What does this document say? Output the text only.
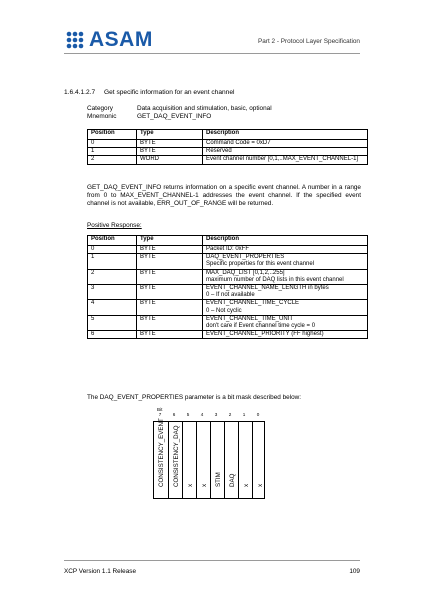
ASAM	Part 2 - Protocol Layer Specification
1.6.4.1.2.7 Get specific information for an event channel
Category	Data acquisition and stimulation, basic, optional
Mnemonic	GET_DAQ_EVENT_INFO
Position	Type	Description
0	BYTE	Command Code = 0xD7
1	BYTE	Reserved
2	WORD	Event channel number [0,1,..MAX_EVENT_CHANNEL-1]
GET_DAQ_EVENT_INFO returns information on a specific event channel. A number in a range from 0 to MAX_EVENT_CHANNEL-1 addresses the event channel. If the specified event channel is not available, ERR_OUT_OF_RANGE will be returned.
Positive Response:
Position	Type	Description
0	BYTE	Packet ID: 0xFF
1	BYTE	DAQ_EVENT_PROPERTIES
Specific properties for this event channel

2	BYTE	MAX_DAQ_LIST [0,1,2,..255]
maximum number of DAQ lists in this event channel

3	BYTE	EVENT_CHANNEL_NAME_LENGTH in bytes
0 – If not available

4	BYTE	EVENT_CHANNEL_TIME_CYCLE
0 – Not cyclic

5	BYTE	EVENT_CHANNEL_TIME_UNIT
don't care if Event channel time cycle = 0

6	BYTE	EVENT_CHANNEL_PRIORITY (FF highest)
The DAQ_EVENT_PROPERTIES parameter is a bit mask described below:
Bit
7	6	5	4	3	2	1	0
CONSISTENCY_EVENT CONSISTENCY_DAQ x x STIM DAQ x x
XCP Version 1.1 Release	109
